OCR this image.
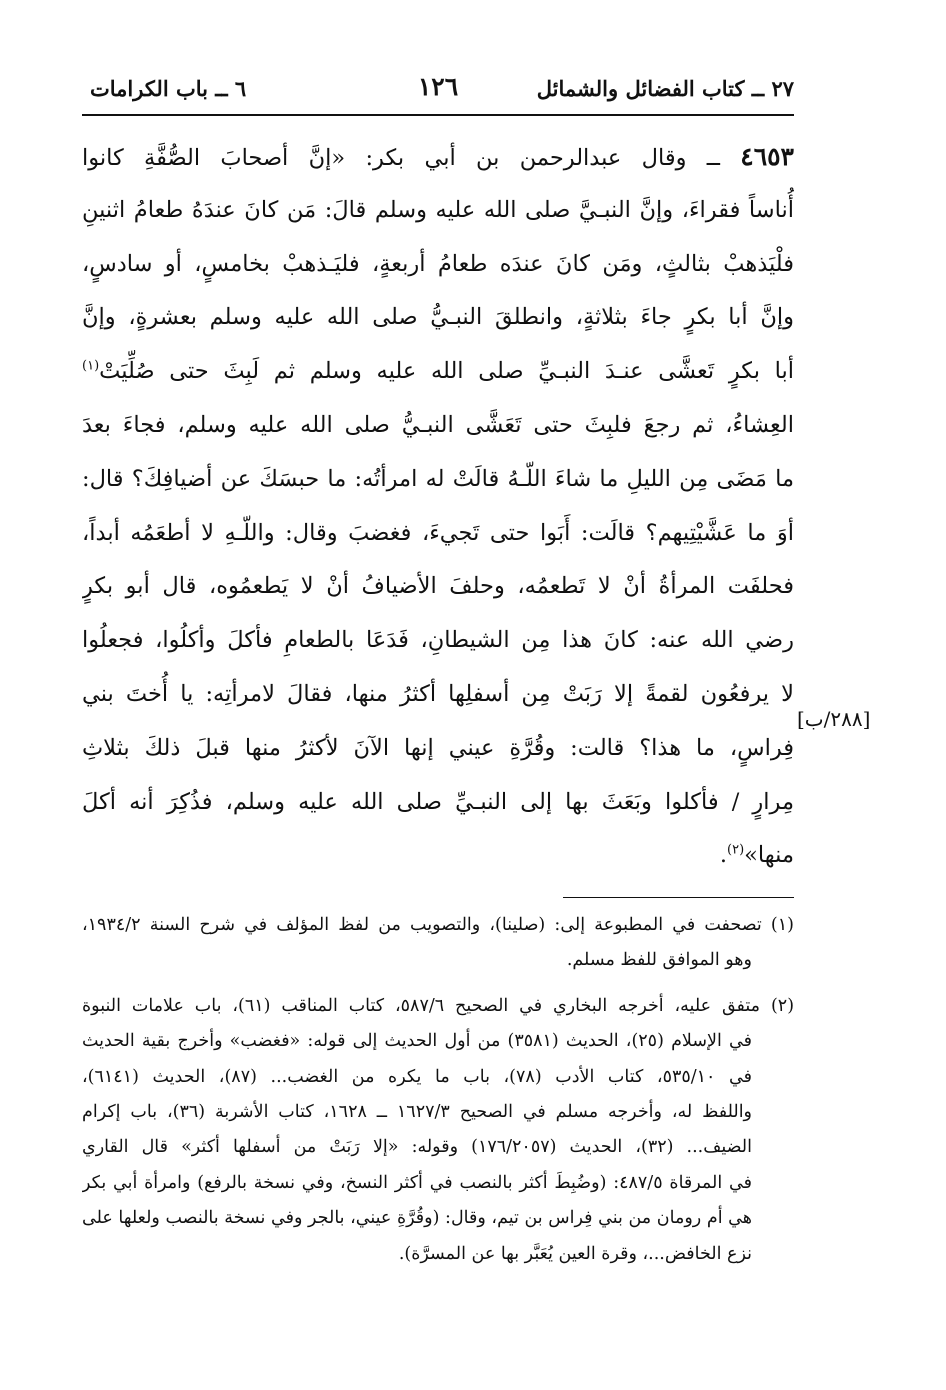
٢٧ ــ كتاب الفضائل والشمائل
١٢٦
٦ ــ باب الكرامات
٤٦٥٣ ــ وقال عبدالرحمن بن أبي بكر: «إنَّ أصحابَ الصُّفَّةِ كانوا
أُناساً فقراءَ، وإنَّ النبـيَّ صلى الله عليه وسلم قالَ: مَن كانَ عندَهُ طعامُ اثنينِ
فلْيَذهبْ بثالثٍ، ومَن كانَ عندَه طعامُ أربعةٍ، فليَـذهبْ بخامسٍ، أو سادسٍ،
وإنَّ أبا بكرٍ جاءَ بثلاثةٍ، وانطلقَ النبـيُّ صلى الله عليه وسلم بعشرةٍ، وإنَّ
أبا بكرٍ تَعشَّى عنـدَ النبـيِّ صلى الله عليه وسلم ثم لَبِثَ حتى صُلِّيَتْ$^{(١)}$
العِشاءُ، ثم رجعَ فلبِثَ حتى تَعَشَّى النبـيُّ صلى الله عليه وسلم، فجاءَ بعدَ
ما مَضَى مِن الليلِ ما شاءَ اللّـهُ قالَتْ له امرأتُه: ما حبسَكَ عن أضيافِكَ؟ قال:
أوَ ما عَشَّيْتِيهم؟ قالَت: أَبَوا حتى تَجيءَ، فغضبَ وقال: واللّـهِ لا أطعَمُه أبداً،
فحلفَت المرأةُ أنْ لا تَطعمُه، وحلفَ الأضيافُ أنْ لا يَطعمُوه، قال أبو بكرٍ
رضي الله عنه: كانَ هذا مِن الشيطانِ، فَدَعَا بالطعامِ فأكلَ وأكلُوا، فجعلُوا
لا يرفعُون لقمةً إلا رَبَتْ مِن أسفلِها أكثرُ منها، فقالَ لامرأتِه: يا أُختَ بني
فِراسٍ، ما هذا؟ قالت: وقُرَّةِ عيني إنها الآنَ لأكثرُ منها قبلَ ذلكَ بثلاثِ
مِرارٍ / فأكلوا وبَعَثَ بها إلى النبـيِّ صلى الله عليه وسلم، فذُكِرَ أنه أكلَ
منها»$^{(٢)}$.
[٢٨٨/ب]
(١) تصحفت في المطبوعة إلى: (صلينا)، والتصويب من لفظ المؤلف في شرح السنة ١٩٣٤/٢،
وهو الموافق للفظ مسلم.
(٢) متفق عليه، أخرجه البخاري في الصحيح ٥٨٧/٦، كتاب المناقب (٦١)، باب علامات النبوة
في الإسلام (٢٥)، الحديث (٣٥٨١) من أول الحديث إلى قوله: «فغضب» وأخرج بقية الحديث
في ٥٣٥/١٠، كتاب الأدب (٧٨)، باب ما يكره من الغضب... (٨٧)، الحديث (٦١٤١)،
واللفظ له، وأخرجه مسلم في الصحيح ١٦٢٧/٣ ــ ١٦٢٨، كتاب الأشربة (٣٦)، باب إكرام
الضيف... (٣٢)، الحديث (١٧٦/٢٠٥٧) وقوله: «إلا رَبَتْ من أسفلها أكثر» قال القاري
في المرقاة ٤٨٧/٥: (وضُبِطَ أكثر بالنصب في أكثر النسخ، وفي نسخة بالرفع) وامرأة أبي بكر
هي أم رومان من بني فِراس بن تيم، وقال: (وقُرَّةِ عيني، بالجر وفي نسخة بالنصب ولعلها على
نزع الخافض...، وقرة العين يُعَبَّر بها عن المسرَّة).
